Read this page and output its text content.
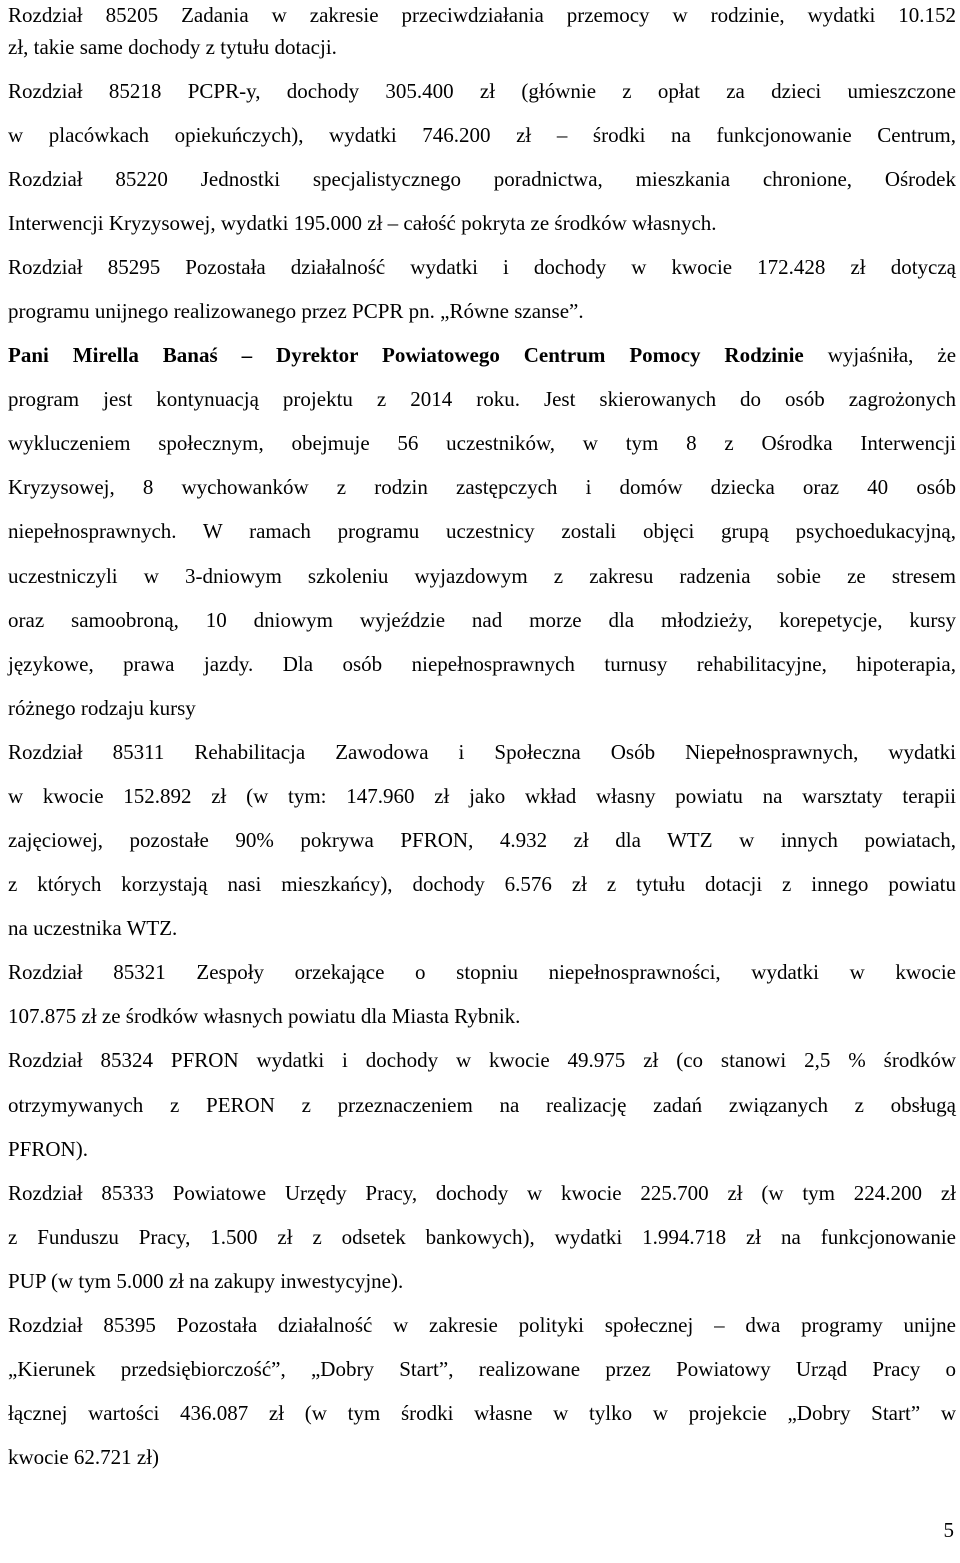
Rozdział 85205 Zadania w zakresie przeciwdziałania przemocy w rodzinie, wydatki 10.152
zł, takie same dochody z tytułu dotacji.
Rozdział 85218 PCPR-y, dochody 305.400 zł (głównie z opłat za dzieci umieszczone
w placówkach opiekuńczych), wydatki 746.200 zł – środki na funkcjonowanie Centrum,
Rozdział 85220 Jednostki specjalistycznego poradnictwa, mieszkania chronione, Ośrodek
Interwencji Kryzysowej, wydatki 195.000 zł – całość pokryta ze środków własnych.
Rozdział 85295 Pozostała działalność wydatki i dochody w kwocie 172.428 zł dotyczą
programu unijnego realizowanego przez PCPR pn. „Równe szanse”.
Pani Mirella Banaś – Dyrektor Powiatowego Centrum Pomocy Rodzinie wyjaśniła, że
program jest kontynuacją projektu z 2014 roku. Jest skierowanych do osób zagrożonych
wykluczeniem społecznym, obejmuje 56 uczestników, w tym 8 z Ośrodka Interwencji
Kryzysowej, 8 wychowanków z rodzin zastępczych i domów dziecka oraz 40 osób
niepełnosprawnych. W ramach programu uczestnicy zostali objęci grupą psychoedukacyjną,
uczestniczyli w 3-dniowym szkoleniu wyjazdowym z zakresu radzenia sobie ze stresem
oraz samoobroną, 10 dniowym wyjeździe nad morze dla młodzieży, korepetycje, kursy
językowe, prawa jazdy. Dla osób niepełnosprawnych turnusy rehabilitacyjne, hipoterapia,
różnego rodzaju kursy
Rozdział 85311 Rehabilitacja Zawodowa i Społeczna Osób Niepełnosprawnych, wydatki
w kwocie 152.892 zł (w tym: 147.960 zł jako wkład własny powiatu na warsztaty terapii
zajęciowej, pozostałe 90% pokrywa PFRON, 4.932 zł dla WTZ w innych powiatach,
z których korzystają nasi mieszkańcy), dochody 6.576 zł z tytułu dotacji z innego powiatu
na uczestnika WTZ.
Rozdział 85321 Zespoły orzekające o stopniu niepełnosprawności, wydatki w kwocie
107.875 zł ze środków własnych powiatu dla Miasta Rybnik.
Rozdział 85324 PFRON wydatki i dochody w kwocie 49.975 zł (co stanowi 2,5 % środków
otrzymywanych z PERON z przeznaczeniem na realizację zadań związanych z obsługą
PFRON).
Rozdział 85333 Powiatowe Urzędy Pracy, dochody w kwocie 225.700 zł (w tym 224.200 zł
z Funduszu Pracy, 1.500 zł z odsetek bankowych), wydatki 1.994.718 zł na funkcjonowanie
PUP (w tym 5.000 zł na zakupy inwestycyjne).
Rozdział 85395 Pozostała działalność w zakresie polityki społecznej – dwa programy unijne
„Kierunek przedsiębiorczość”, „Dobry Start”, realizowane przez Powiatowy Urząd Pracy o
łącznej wartości 436.087 zł (w tym środki własne w tylko w projekcie „Dobry Start” w
kwocie 62.721 zł)
5
